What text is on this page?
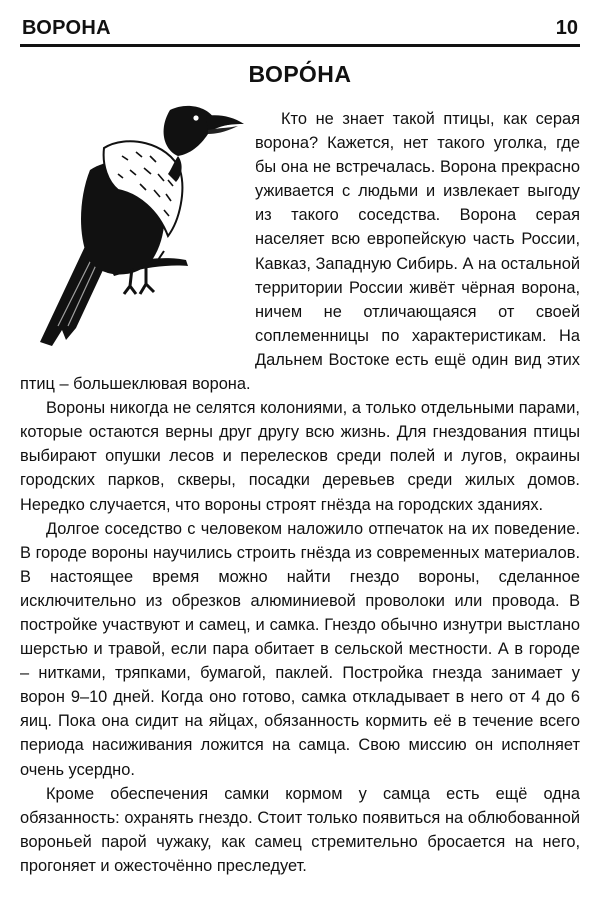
ВОРОНА	10
ВОРО́НА

Кто не знает такой птицы, как серая ворона? Кажется, нет такого уголка, где бы она не встречалась. Ворона прекрасно уживается с людьми и извлекает выгоду из такого соседства. Ворона серая населяет всю европейскую часть России, Кавказ, Западную Сибирь. А на остальной территории России живёт чёрная ворона, ничем не отличающаяся от своей соплеменницы по характеристикам. На Дальнем Востоке есть ещё один вид этих птиц – большеклювая ворона.

Вороны никогда не селятся колониями, а только отдельными парами, которые остаются верны друг другу всю жизнь. Для гнездования птицы выбирают опушки лесов и перелесков среди полей и лугов, окраины городских парков, скверы, посадки деревьев среди жилых домов. Нередко случается, что вороны строят гнёзда на городских зданиях.

Долгое соседство с человеком наложило отпечаток на их поведение. В городе вороны научились строить гнёзда из современных материалов. В настоящее время можно найти гнездо вороны, сделанное исключительно из обрезков алюминиевой проволоки или провода. В постройке участвуют и самец, и самка. Гнездо обычно изнутри выстлано шерстью и травой, если пара обитает в сельской местности. А в городе – нитками, тряпками, бумагой, паклей. Постройка гнезда занимает у ворон 9–10 дней. Когда оно готово, самка откладывает в него от 4 до 6 яиц. Пока она сидит на яйцах, обязанность кормить её в течение всего периода насиживания ложится на самца. Свою миссию он исполняет очень усердно.

Кроме обеспечения самки кормом у самца есть ещё одна обязанность: охранять гнездо. Стоит только появиться на облюбованной вороньей парой чужаку, как самец стремительно бросается на него, прогоняет и ожесточённо преследует.
